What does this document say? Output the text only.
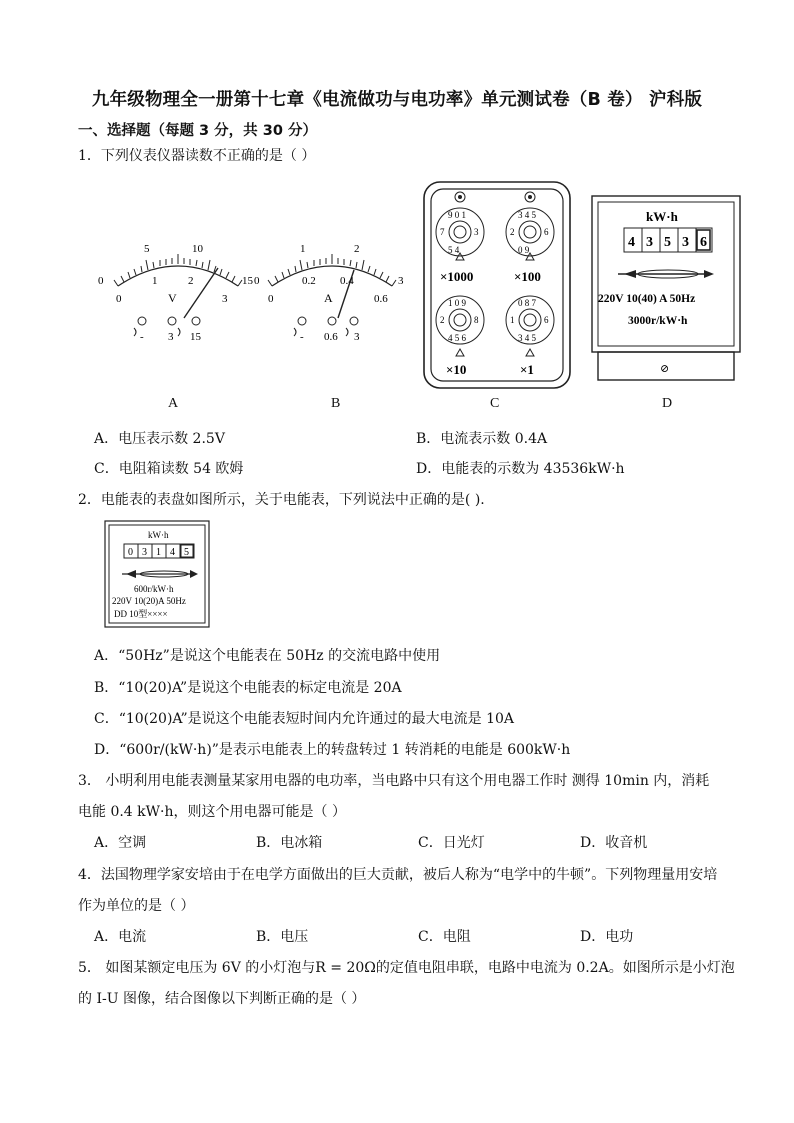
九年级物理全一册第十七章《电流做功与电功率》单元测试卷（B 卷） 沪科版
一、选择题（每题 3 分，共 30 分）
1．下列仪表仪器读数不正确的是（ ）
0
5	10
15
0
1	2
3
V
- 3 15
0
1	2
3
0
0.2 0.4
0.6
A
- 0.6 3
9 0 1
7	3
5 4
×1000
3 4 5
2	6
0 9
×100
1 0 9
2	8
4 5 6
×10
0 8 7
1	6
3 4 5
×1
kW·h
4 3 5 3 6
220V 10(40) A 50Hz
3000r/kW·h
⊘
A	B	C	D
A．电压表示数 2.5V	B．电流表示数 0.4A
C．电阻箱读数 54 欧姆	D．电能表的示数为 43536kW·h
2．电能表的表盘如图所示，关于电能表，下列说法中正确的是( ).
kW·h
0 3 1 4 5
600r/kW·h
220V 10(20)A 50Hz
DD 10型××××
A．“50Hz”是说这个电能表在 50Hz 的交流电路中使用
B．“10(20)A”是说这个电能表的标定电流是 20A
C．“10(20)A”是说这个电能表短时间内允许通过的最大电流是 10A
D．“600r/(kW·h)”是表示电能表上的转盘转过 1 转消耗的电能是 600kW·h
3． 小明利用电能表测量某家用电器的电功率，当电路中只有这个用电器工作时 测得 10min 内，消耗
电能 0.4 kW·h，则这个用电器可能是（ ）
A．空调	B．电冰箱	C．日光灯	D．收音机
4．法国物理学家安培由于在电学方面做出的巨大贡献，被后人称为“电学中的牛顿”。下列物理量用安培
作为单位的是（ ）
A．电流	B．电压	C．电阻	D．电功
5． 如图某额定电压为 6V 的小灯泡与R = 20Ω的定值电阻串联，电路中电流为 0.2A。如图所示是小灯泡
的 I-U 图像，结合图像以下判断正确的是（ ）
